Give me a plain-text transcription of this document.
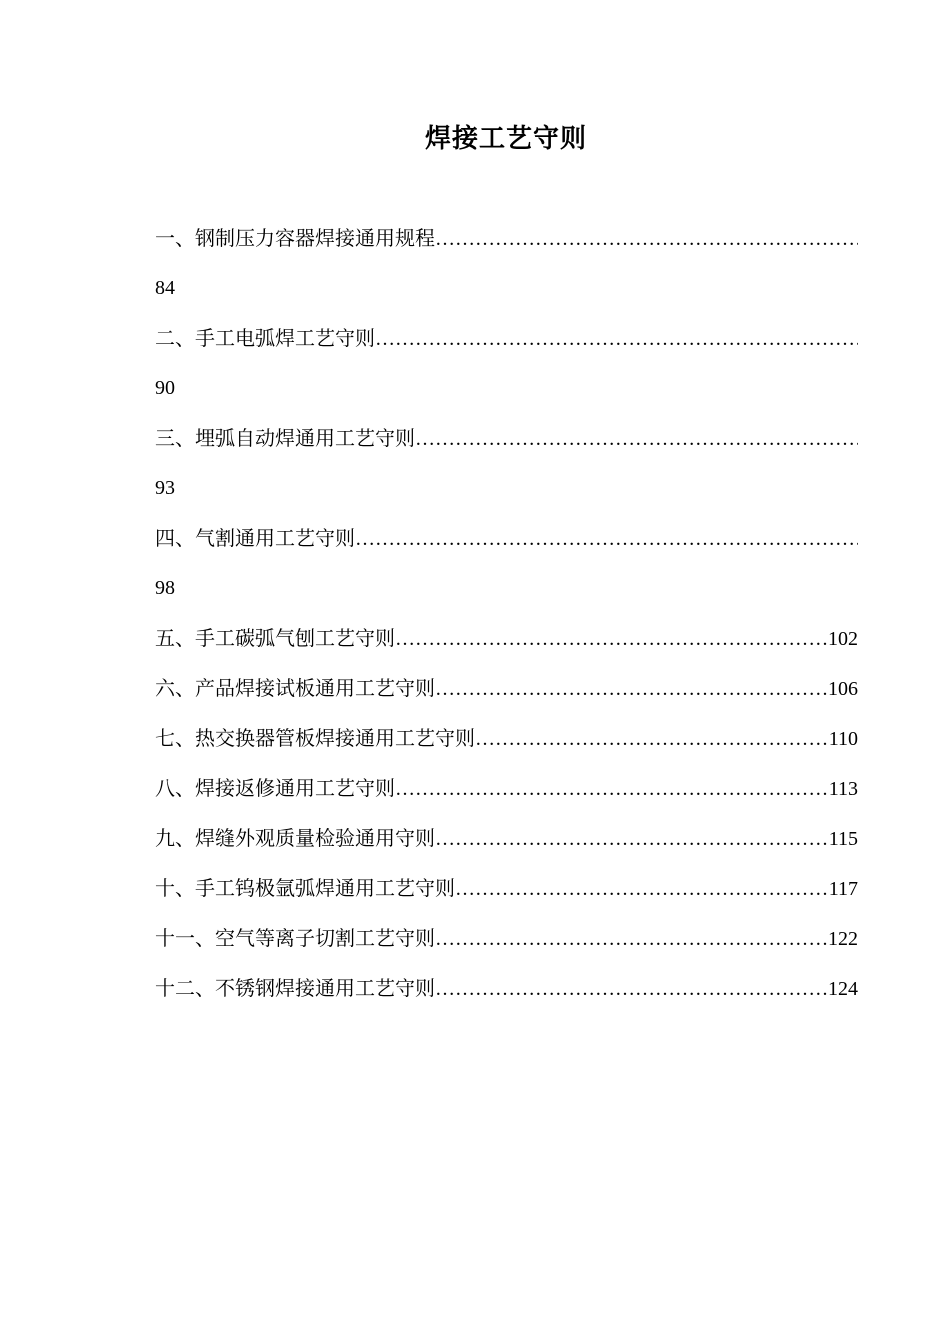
焊接工艺守则
一、钢制压力容器焊接通用规程
…………………………………………………………………………………………………………………………………
84
二、手工电弧焊工艺守则
…………………………………………………………………………………………………………………………………
90
三、埋弧自动焊通用工艺守则
…………………………………………………………………………………………………………………………………
93
四、气割通用工艺守则
…………………………………………………………………………………………………………………………………
98
五、手工碳弧气刨工艺守则 …………………………………………………………………………………………………………………………………	102
六、产品焊接试板通用工艺守则 …………………………………………………………………………………………………………………………………	106
七、热交换器管板焊接通用工艺守则 …………………………………………………………………………………………………………………………………	110
八、焊接返修通用工艺守则 …………………………………………………………………………………………………………………………………	113
九、焊缝外观质量检验通用守则 …………………………………………………………………………………………………………………………………	115
十、手工钨极氩弧焊通用工艺守则 …………………………………………………………………………………………………………………………………	117
十一、空气等离子切割工艺守则 …………………………………………………………………………………………………………………………………	122
十二、不锈钢焊接通用工艺守则 …………………………………………………………………………………………………………………………………	124
